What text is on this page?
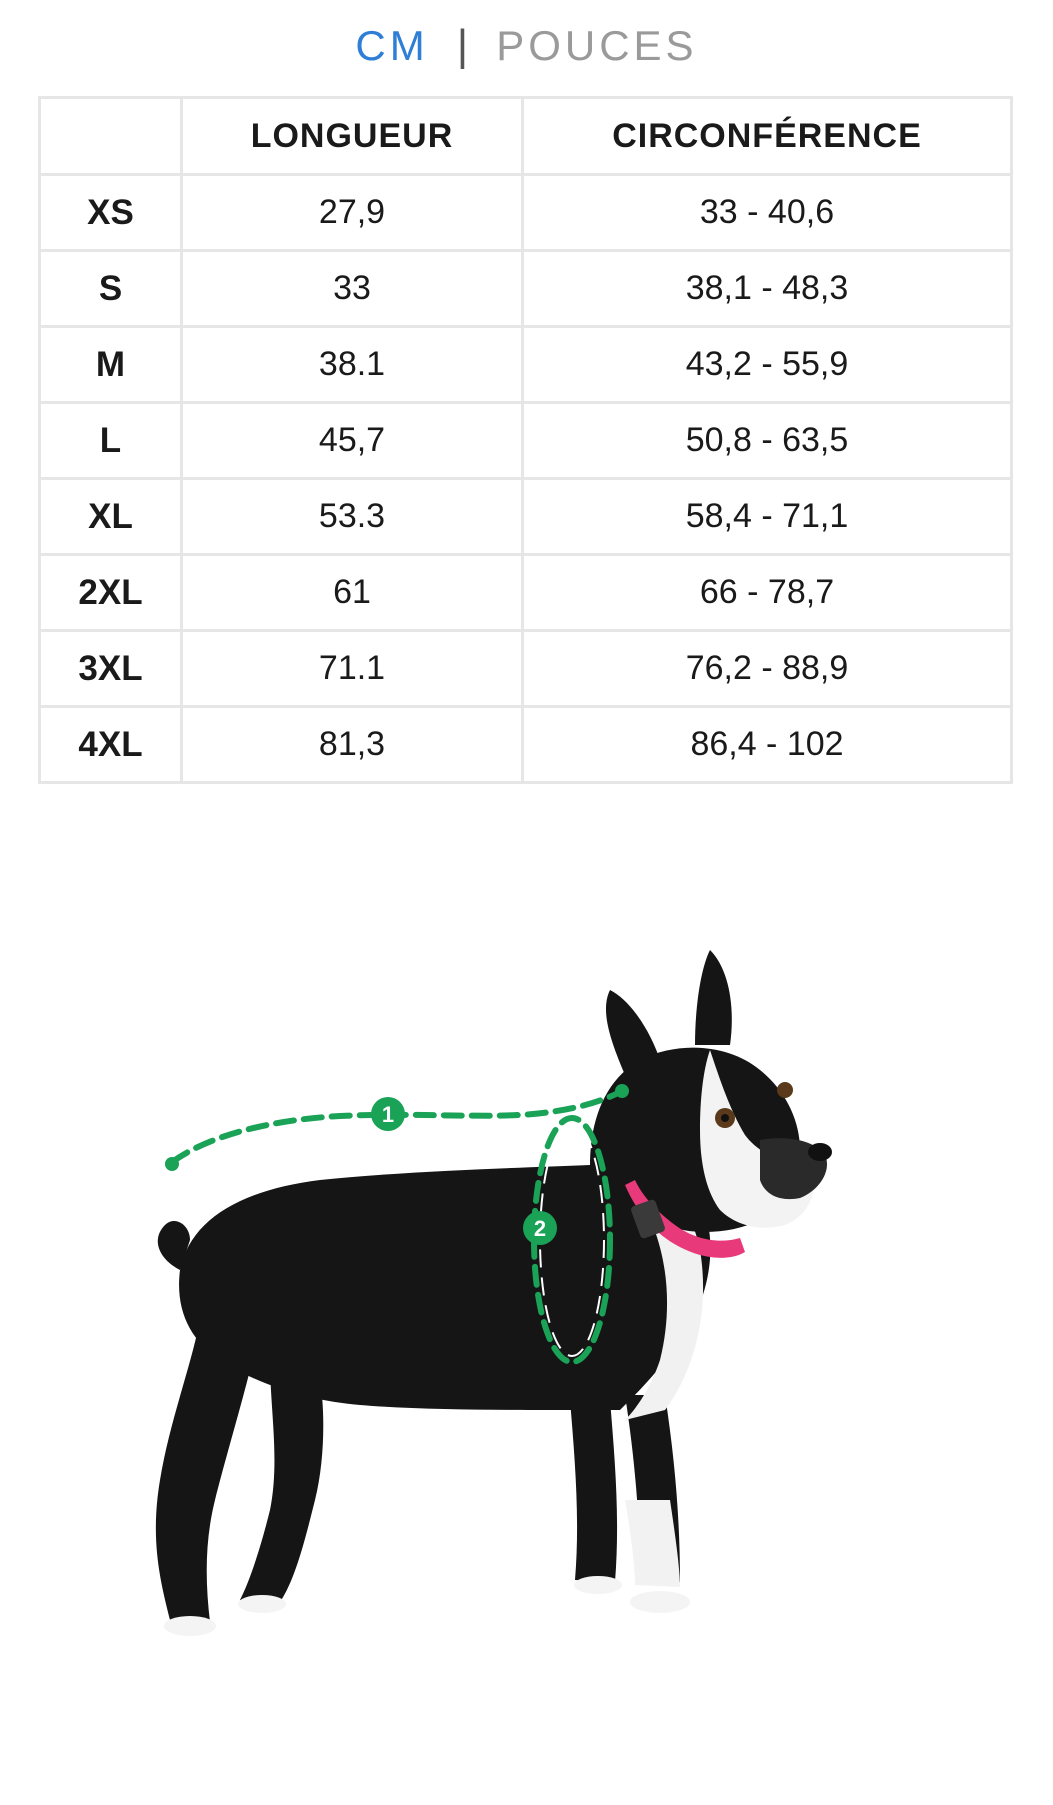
CM | POUCES
	LONGUEUR	CIRCONFÉRENCE
XS	27,9	33 - 40,6
S	33	38,1 - 48,3
M	38.1	43,2 - 55,9
L	45,7	50,8 - 63,5
XL	53.3	58,4 - 71,1
2XL	61	66 - 78,7
3XL	71.1	76,2 - 88,9
4XL	81,3	86,4 - 102
1
2
